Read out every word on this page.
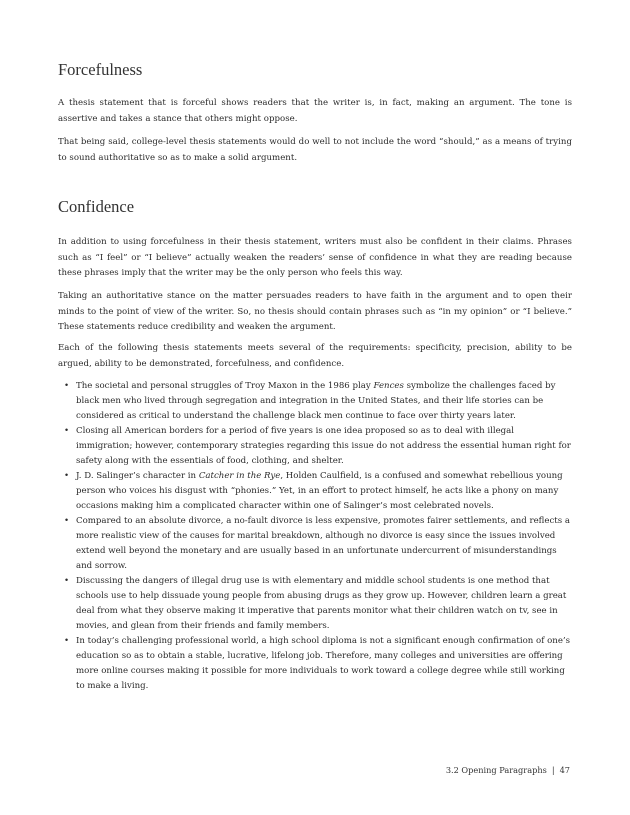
Forcefulness

A thesis statement that is forceful shows readers that the writer is, in fact, making an argument. The tone is assertive and takes a stance that others might oppose.

That being said, college-level thesis statements would do well to not include the word “should,” as a means of trying to sound authoritative so as to make a solid argument.

Confidence

In addition to using forcefulness in their thesis statement, writers must also be confident in their claims. Phrases such as “I feel” or “I believe” actually weaken the readers’ sense of confidence in what they are reading because these phrases imply that the writer may be the only person who feels this way.

Taking an authoritative stance on the matter persuades readers to have faith in the argument and to open their minds to the point of view of the writer. So, no thesis should contain phrases such as “in my opinion” or “I believe.” These statements reduce credibility and weaken the argument.

Each of the following thesis statements meets several of the requirements: specificity, precision, ability to be argued, ability to be demonstrated, forcefulness, and confidence.

• The societal and personal struggles of Troy Maxon in the 1986 play Fences symbolize the challenges faced by black men who lived through segregation and integration in the United States, and their life stories can be considered as critical to understand the challenge black men continue to face over thirty years later.
• Closing all American borders for a period of five years is one idea proposed so as to deal with illegal immigration; however, contemporary strategies regarding this issue do not address the essential human right for safety along with the essentials of food, clothing, and shelter.
• J. D. Salinger’s character in Catcher in the Rye, Holden Caulfield, is a confused and somewhat rebellious young person who voices his disgust with “phonies.” Yet, in an effort to protect himself, he acts like a phony on many occasions making him a complicated character within one of Salinger’s most celebrated novels.
• Compared to an absolute divorce, a no-fault divorce is less expensive, promotes fairer settlements, and reflects a more realistic view of the causes for marital breakdown, although no divorce is easy since the issues involved extend well beyond the monetary and are usually based in an unfortunate undercurrent of misunderstandings and sorrow.
• Discussing the dangers of illegal drug use is with elementary and middle school students is one method that schools use to help dissuade young people from abusing drugs as they grow up. However, children learn a great deal from what they observe making it imperative that parents monitor what their children watch on tv, see in movies, and glean from their friends and family members.
• In today’s challenging professional world, a high school diploma is not a significant enough confirmation of one’s education so as to obtain a stable, lucrative, lifelong job. Therefore, many colleges and universities are offering more online courses making it possible for more individuals to work toward a college degree while still working to make a living.
3.2 Opening Paragraphs | 47
